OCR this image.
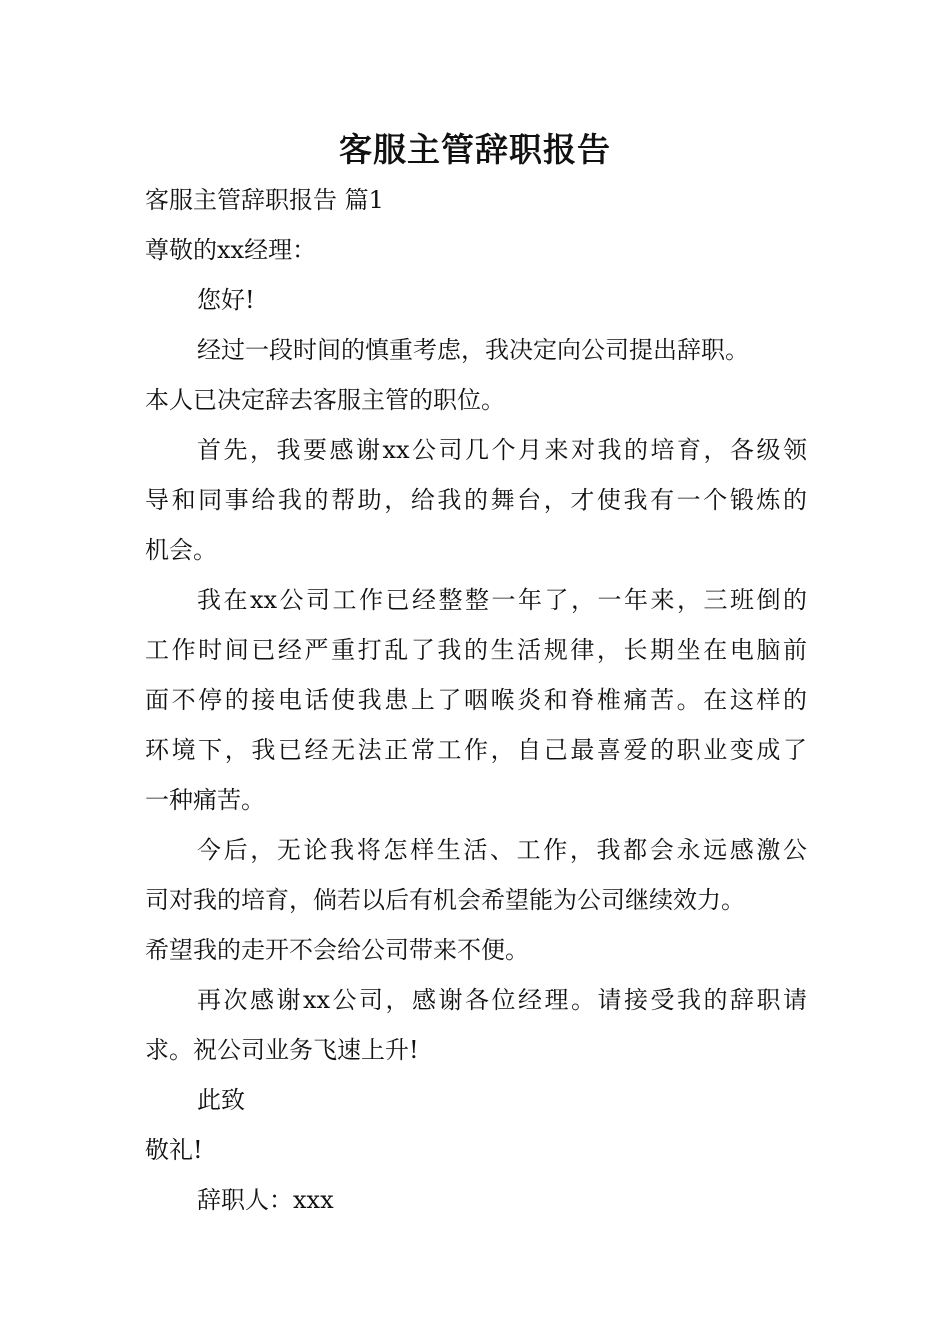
客服主管辞职报告
客服主管辞职报告 篇1
尊敬的xx经理：
您好!
经过一段时间的慎重考虑，我决定向公司提出辞职。
本人已决定辞去客服主管的职位。
首先，我要感谢xx公司几个月来对我的培育，各级领
导和同事给我的帮助，给我的舞台，才使我有一个锻炼的
机会。
我在xx公司工作已经整整一年了，一年来，三班倒的
工作时间已经严重打乱了我的生活规律，长期坐在电脑前
面不停的接电话使我患上了咽喉炎和脊椎痛苦。在这样的
环境下，我已经无法正常工作，自己最喜爱的职业变成了
一种痛苦。
今后，无论我将怎样生活、工作，我都会永远感激公
司对我的培育，倘若以后有机会希望能为公司继续效力。
希望我的走开不会给公司带来不便。
再次感谢xx公司，感谢各位经理。请接受我的辞职请
求。祝公司业务飞速上升!
此致
敬礼!
辞职人：xxx
